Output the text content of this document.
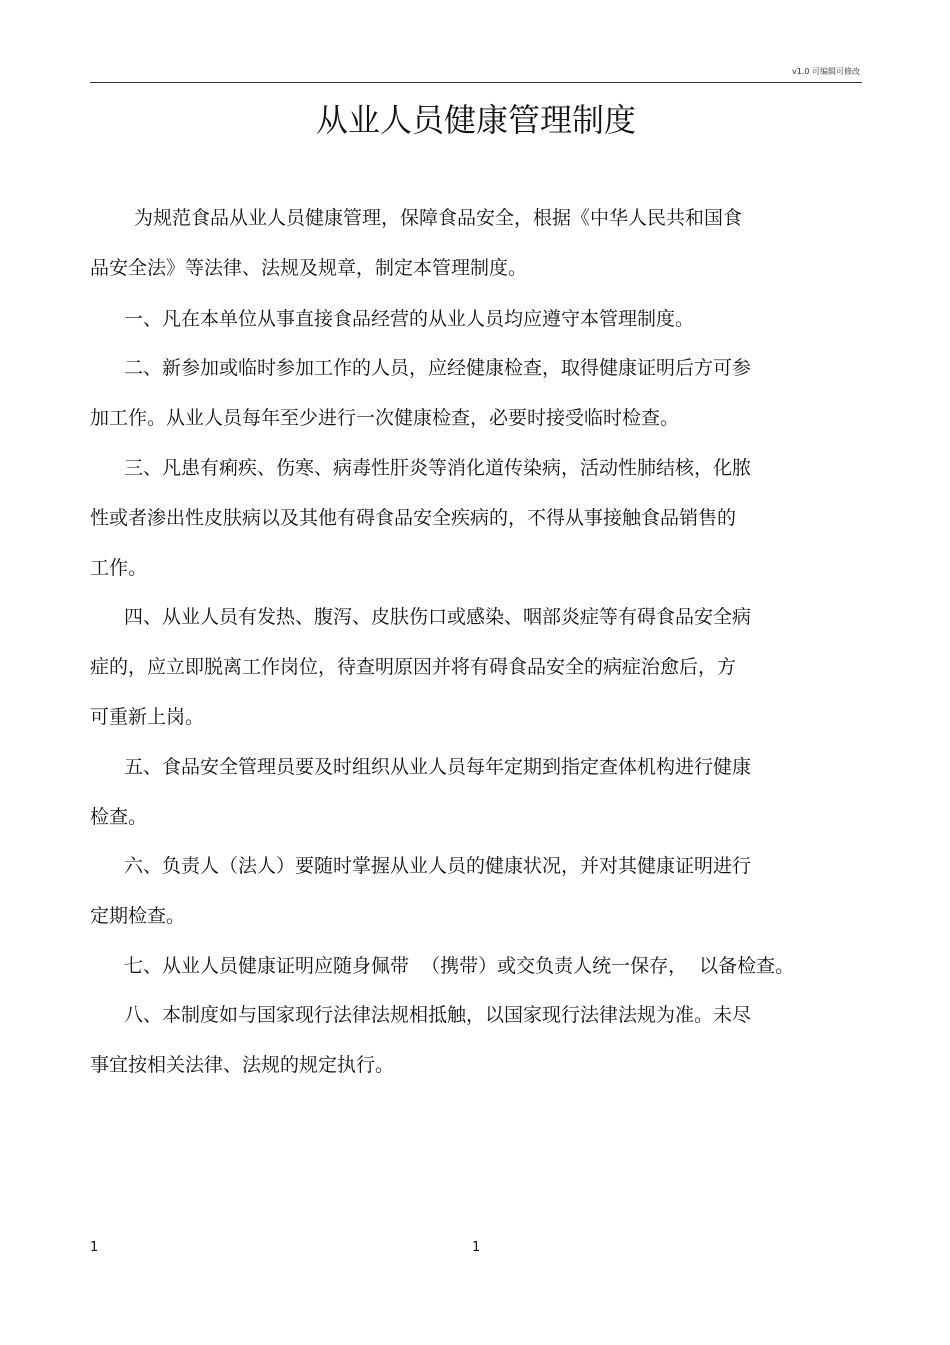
v1.0 可编辑可修改
从业人员健康管理制度
为规范食品从业人员健康管理，保障食品安全，根据《中华人民共和国食
品安全法》等法律、法规及规章，制定本管理制度。
一、凡在本单位从事直接食品经营的从业人员均应遵守本管理制度。
二、新参加或临时参加工作的人员，应经健康检查，取得健康证明后方可参
加工作。从业人员每年至少进行一次健康检查，必要时接受临时检查。
三、凡患有痢疾、伤寒、病毒性肝炎等消化道传染病，活动性肺结核，化脓
性或者渗出性皮肤病以及其他有碍食品安全疾病的，不得从事接触食品销售的
工作。
四、从业人员有发热、腹泻、皮肤伤口或感染、咽部炎症等有碍食品安全病
症的，应立即脱离工作岗位，待查明原因并将有碍食品安全的病症治愈后，方
可重新上岗。
五、食品安全管理员要及时组织从业人员每年定期到指定查体机构进行健康
检查。
六、负责人（法人）要随时掌握从业人员的健康状况，并对其健康证明进行
定期检查。
七、从业人员健康证明应随身佩带  （携带）或交负责人统一保存，  以备检查。
八、本制度如与国家现行法律法规相抵触，以国家现行法律法规为准。未尽
事宜按相关法律、法规的规定执行。
1	1
